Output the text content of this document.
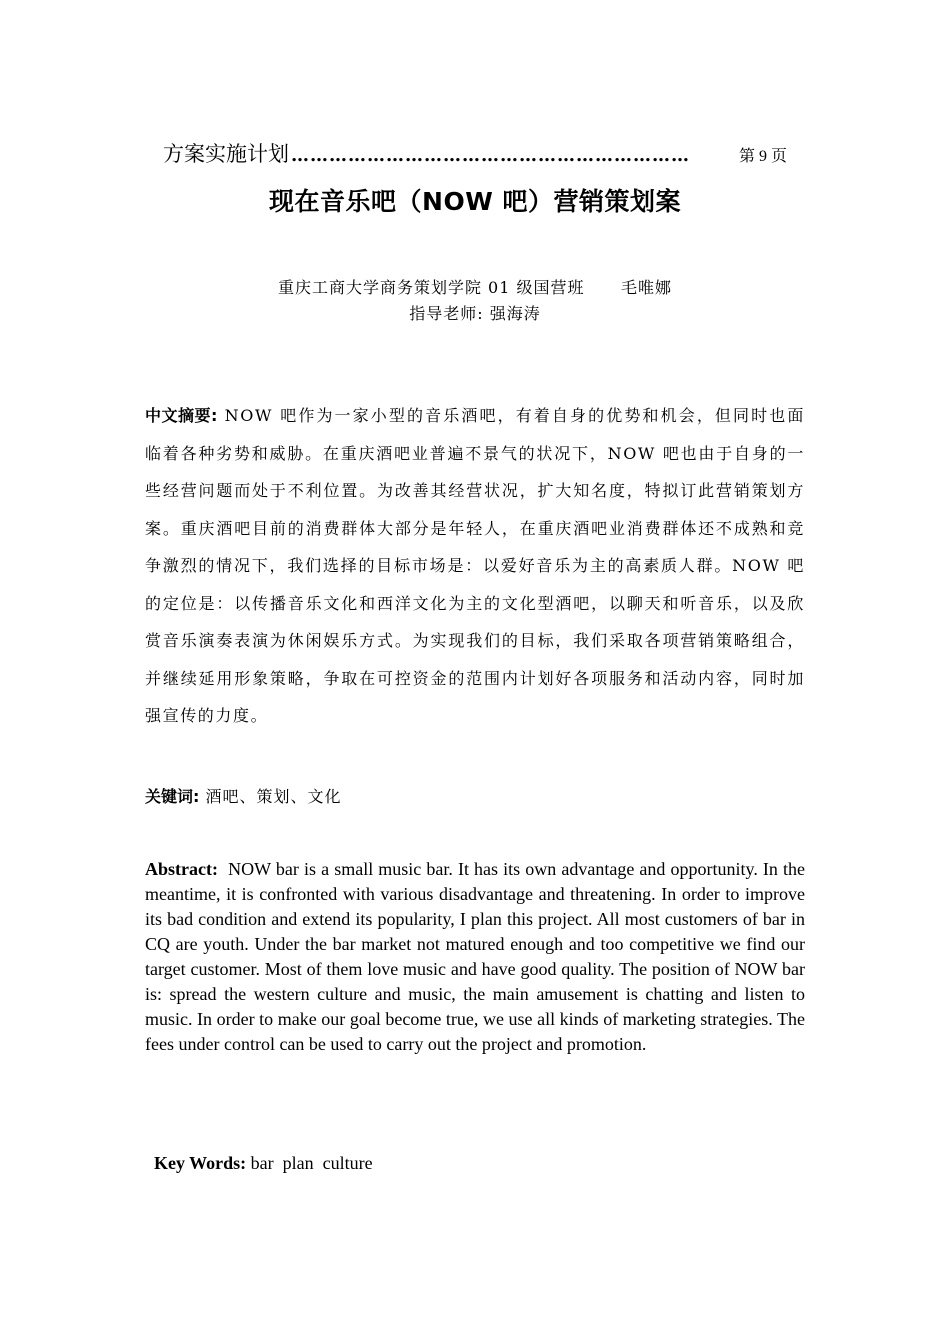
方案实施计划 ………………………………………………………	第 9 页
现在音乐吧（NOW 吧）营销策划案
重庆工商大学商务策划学院 01 级国营班      毛唯娜
指导老师: 强海涛
中文摘要: NOW 吧作为一家小型的音乐酒吧，有着自身的优势和机会，但同时也面临着各种劣势和威胁。在重庆酒吧业普遍不景气的状况下，NOW 吧也由于自身的一些经营问题而处于不利位置。为改善其经营状况，扩大知名度，特拟订此营销策划方案。重庆酒吧目前的消费群体大部分是年轻人，在重庆酒吧业消费群体还不成熟和竞争激烈的情况下，我们选择的目标市场是：以爱好音乐为主的高素质人群。NOW 吧的定位是：以传播音乐文化和西洋文化为主的文化型酒吧，以聊天和听音乐，以及欣赏音乐演奏表演为休闲娱乐方式。为实现我们的目标，我们采取各项营销策略组合，并继续延用形象策略，争取在可控资金的范围内计划好各项服务和活动内容，同时加强宣传的力度。
关键词: 酒吧、策划、文化
Abstract:  NOW bar is a small music bar. It has its own advantage and opportunity. In the meantime, it is confronted with various disadvantage and threatening. In order to improve its bad condition and extend its popularity, I plan this project. All most customers of bar in CQ are youth. Under the bar market not matured enough and too competitive we find our target customer. Most of them love music and have good quality. The position of NOW bar is: spread the western culture and music, the main amusement is chatting and listen to music. In order to make our goal become true, we use all kinds of marketing strategies. The fees under control can be used to carry out the project and promotion.

Key Words: bar  plan  culture
